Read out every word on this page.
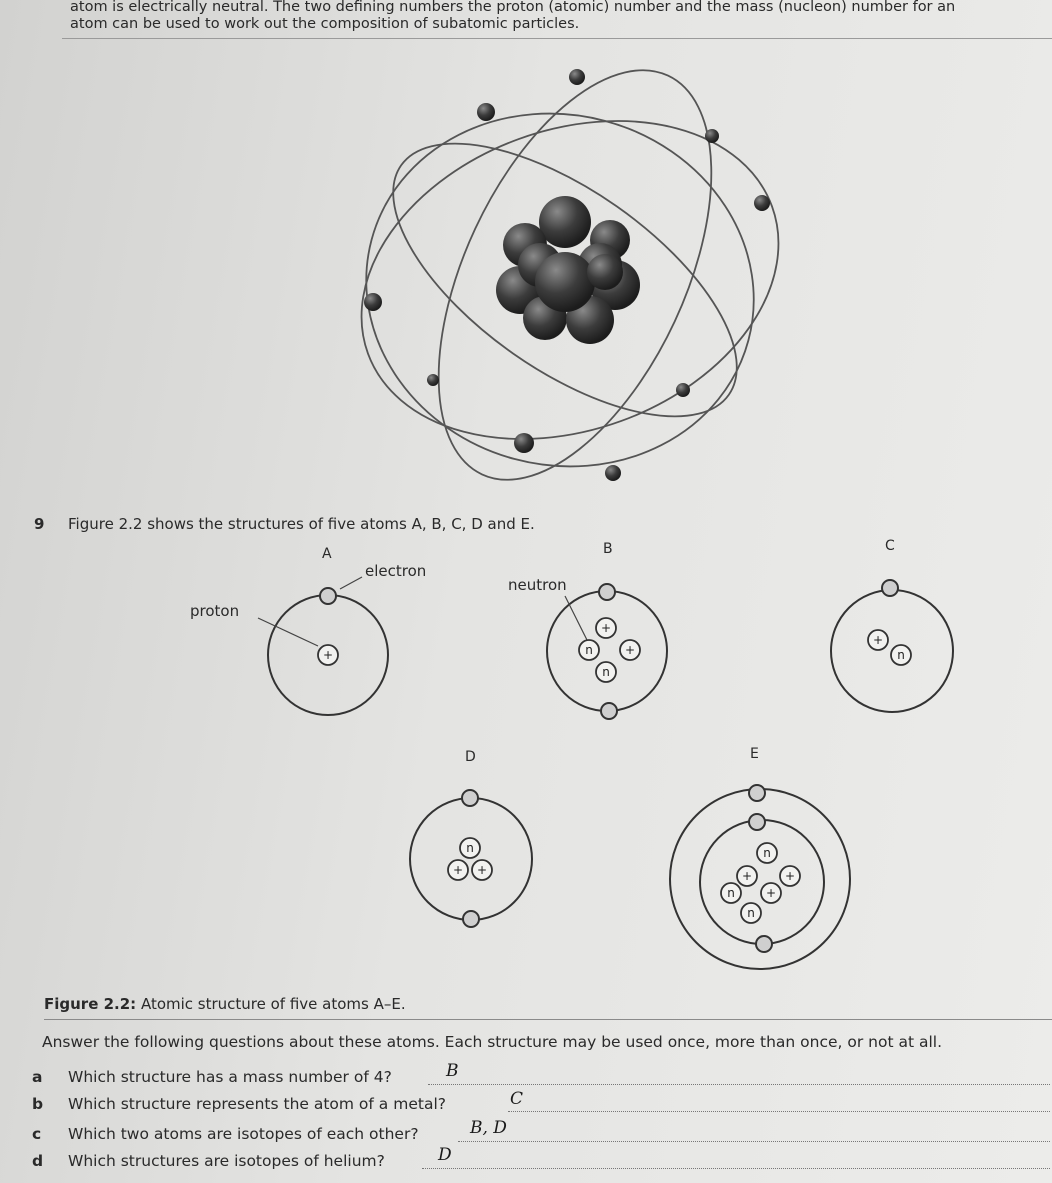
atom is electrically neutral. The two defining numbers the proton (atomic) number and the mass (nucleon) number for an
atom can be used to work out the composition of subatomic particles.
9 Figure 2.2 shows the structures of five atoms A, B, C, D and E.
+
+
n	+
n
+
n
n
+ +
n
+	+
n	+
n
A	B	C
D	E
electron
proton
neutron
Figure 2.2: Atomic structure of five atoms A–E.
Answer the following questions about these atoms. Each structure may be used once, more than once, or not at all.
a Which structure has a mass number of 4?	B
b Which structure represents the atom of a metal?	C
c Which two atoms are isotopes of each other?	B, D
d Which structures are isotopes of helium?	D
